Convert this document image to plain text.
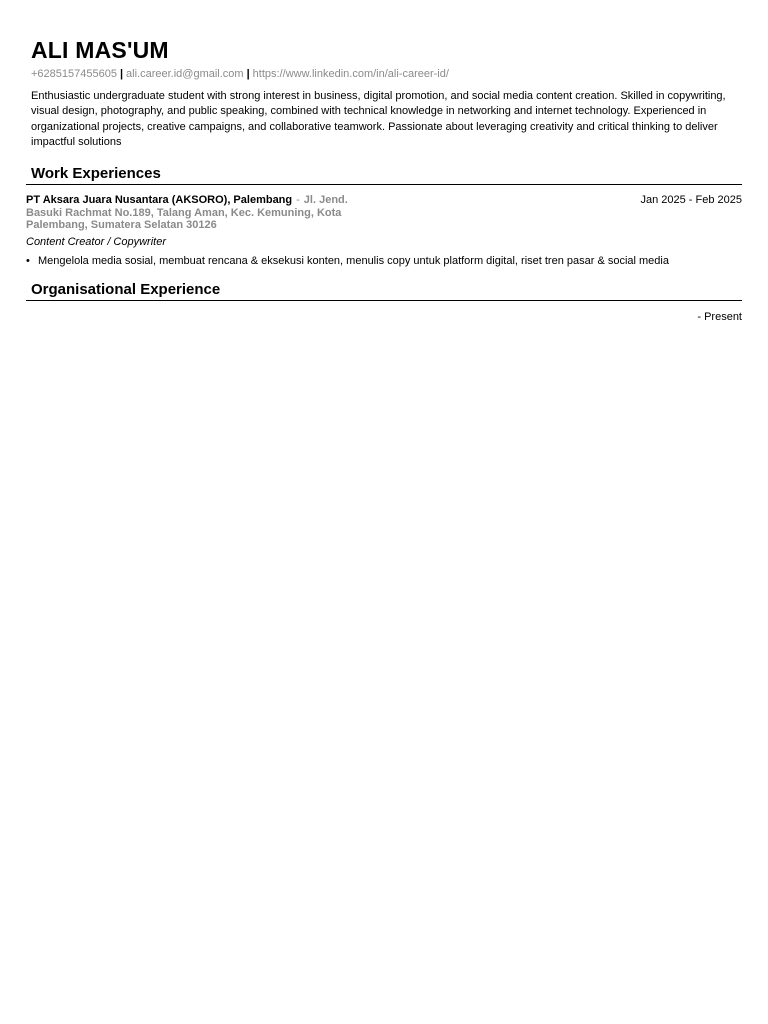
ALI MAS'UM
+6285157455605 | ali.career.id@gmail.com | https://www.linkedin.com/in/ali-career-id/

Enthusiastic undergraduate student with strong interest in business, digital promotion, and social media content creation. Skilled in copywriting, visual design, photography, and public speaking, combined with technical knowledge in networking and internet technology. Experienced in organizational projects, creative campaigns, and collaborative teamwork. Passionate about leveraging creativity and critical thinking to deliver impactful solutions

Work Experiences
PT Aksara Juara Nusantara (AKSORO), Palembang - Jl. Jend. Basuki Rachmat No.189, Talang Aman, Kec. Kemuning, Kota Palembang, Sumatera Selatan 30126
Jan 2025 - Feb 2025
Content Creator / Copywriter
• Mengelola media sosial, membuat rencana & eksekusi konten, menulis copy untuk platform digital, riset tren pasar & social media
Organisational Experience
- Present
